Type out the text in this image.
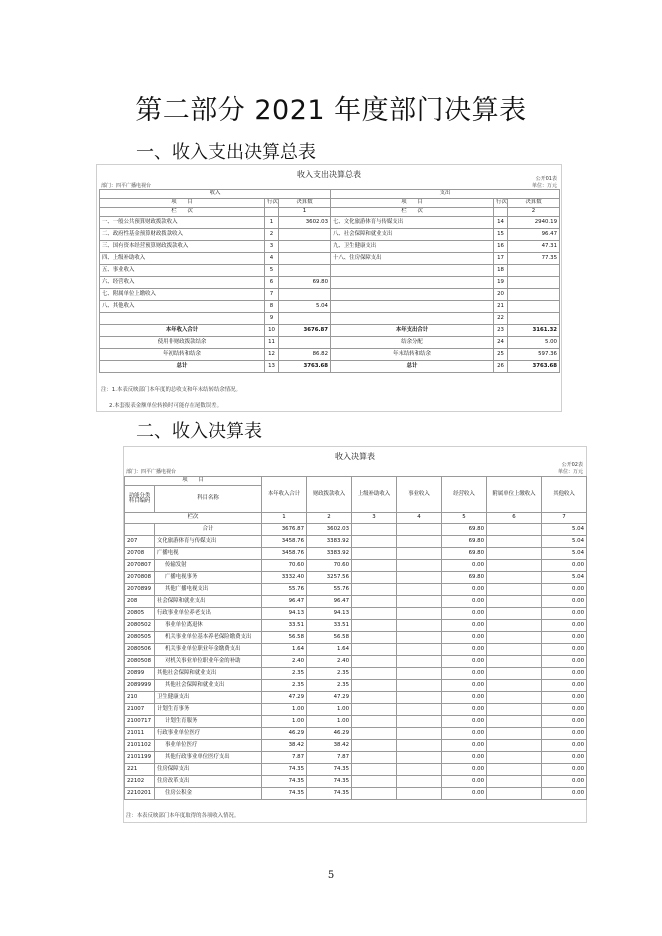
第二部分 2021 年度部门决算表
一、收入支出决算总表
收入支出决算总表	公开01表
部门：四平广播电视台	单位：万元
收入			支出		
项　　目	行次	决算数	项　　目	行次	决算数
栏　　次		1	栏　　次		2
一、一般公共预算财政拨款收入	1	3602.03	七、文化旅游体育与传媒支出	14	2940.19
二、政府性基金预算财政拨款收入	2		八、社会保障和就业支出	15	96.47
三、国有资本经营预算财政拨款收入	3		九、卫生健康支出	16	47.31
四、上级补助收入	4		十八、住房保障支出	17	77.35
五、事业收入	5			18	
六、经营收入	6	69.80		19	
七、附属单位上缴收入	7			20	
八、其他收入	8	5.04		21	
	9			22	
本年收入合计	10	3676.87	本年支出合计	23	3161.32
使用非财政拨款结余	11		结余分配	24	5.00
年初结转和结余	12	86.82	年末结转和结余	25	597.36
总计	13	3763.68	总计	26	3763.68
注：1.本表反映部门本年度的总收支和年末结转结余情况。
2.本套报表金额单位转换时可能存在尾数误差。
二、收入决算表
收入决算表
公开02表
部门：四平广播电视台	单位：万元
项　　目		本年收入合计	财政拨款收入	上级补助收入	事业收入	经营收入	附属单位上缴收入	其他收入
功能分类科目编码	科目名称							
栏次		1	2	3	4	5	6	7
	合计	3676.87	3602.03			69.80		5.04
207	文化旅游体育与传媒支出	3458.76	3383.92			69.80		5.04
20708	广播电视	3458.76	3383.92			69.80		5.04
2070807	传输发射	70.60	70.60			0.00		0.00
2070808	广播电视事务	3332.40	3257.56			69.80		5.04
2070899	其他广播电视支出	55.76	55.76			0.00		0.00
208	社会保障和就业支出	96.47	96.47			0.00		0.00
20805	行政事业单位养老支出	94.13	94.13			0.00		0.00
2080502	事业单位离退休	33.51	33.51			0.00		0.00
2080505	机关事业单位基本养老保险缴费支出	56.58	56.58			0.00		0.00
2080506	机关事业单位职业年金缴费支出	1.64	1.64			0.00		0.00
2080508	对机关事业单位职业年金的补助	2.40	2.40			0.00		0.00
20899	其他社会保障和就业支出	2.35	2.35			0.00		0.00
2089999	其他社会保障和就业支出	2.35	2.35			0.00		0.00
210	卫生健康支出	47.29	47.29			0.00		0.00
21007	计划生育事务	1.00	1.00			0.00		0.00
2100717	计划生育服务	1.00	1.00			0.00		0.00
21011	行政事业单位医疗	46.29	46.29			0.00		0.00
2101102	事业单位医疗	38.42	38.42			0.00		0.00
2101199	其他行政事业单位医疗支出	7.87	7.87			0.00		0.00
221	住房保障支出	74.35	74.35			0.00		0.00
22102	住房改革支出	74.35	74.35			0.00		0.00
2210201	住房公积金	74.35	74.35			0.00		0.00
注：本表反映部门本年度取得的各项收入情况。
5
